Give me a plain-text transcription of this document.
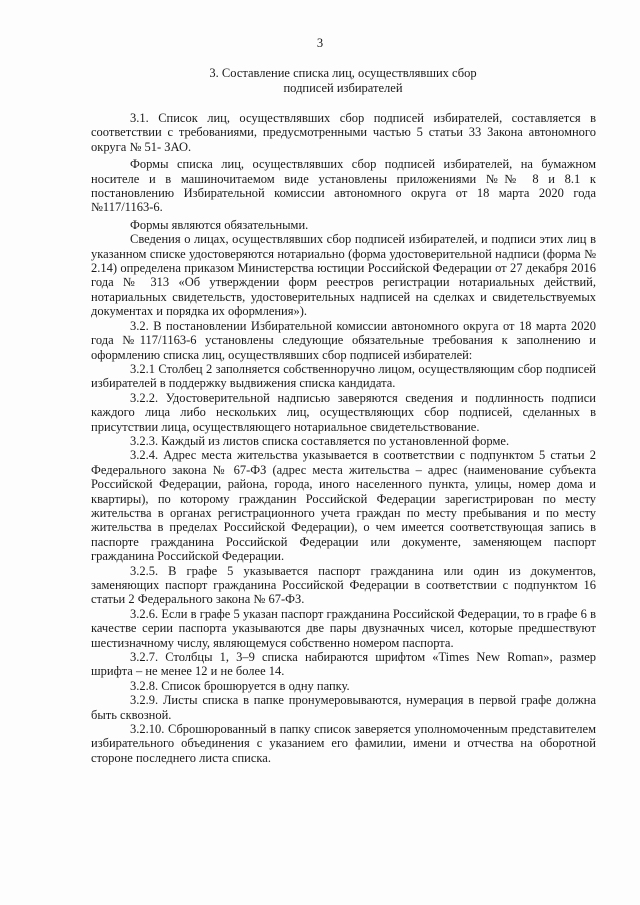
3
3. Составление списка лиц, осуществлявших сбор
подписей избирателей

3.1. Список лиц, осуществлявших сбор подписей избирателей, составляется в соответствии с требованиями, предусмотренными частью 5 статьи 33 Закона автономного округа № 51- ЗАО.

Формы списка лиц, осуществлявших сбор подписей избирателей, на бумажном носителе и в машиночитаемом виде установлены приложениями №№ 8 и 8.1 к постановлению Избирательной комиссии автономного округа от 18 марта 2020 года №117/1163-6.

Формы являются обязательными.

Сведения о лицах, осуществлявших сбор подписей избирателей, и подписи этих лиц в указанном списке удостоверяются нотариально (форма удостоверительной надписи (форма № 2.14) определена приказом Министерства юстиции Российской Федерации от 27 декабря 2016 года № 313 «Об утверждении форм реестров регистрации нотариальных действий, нотариальных свидетельств, удостоверительных надписей на сделках и свидетельствуемых документах и порядка их оформления»).

3.2. В постановлении Избирательной комиссии автономного округа от 18 марта 2020 года №117/1163-6 установлены следующие обязательные требования к заполнению и оформлению списка лиц, осуществлявших сбор подписей избирателей:

3.2.1 Столбец 2 заполняется собственноручно лицом, осуществляющим сбор подписей избирателей в поддержку выдвижения списка кандидата.

3.2.2. Удостоверительной надписью заверяются сведения и подлинность подписи каждого лица либо нескольких лиц, осуществляющих сбор подписей, сделанных в присутствии лица, осуществляющего нотариальное свидетельствование.

3.2.3. Каждый из листов списка составляется по установленной форме.

3.2.4. Адрес места жительства указывается в соответствии с подпунктом 5 статьи 2 Федерального закона № 67-ФЗ (адрес места жительства – адрес (наименование субъекта Российской Федерации, района, города, иного населенного пункта, улицы, номер дома и квартиры), по которому гражданин Российской Федерации зарегистрирован по месту жительства в органах регистрационного учета граждан по месту пребывания и по месту жительства в пределах Российской Федерации), о чем имеется соответствующая запись в паспорте гражданина Российской Федерации или документе, заменяющем паспорт гражданина Российской Федерации.

3.2.5. В графе 5 указывается паспорт гражданина или один из документов, заменяющих паспорт гражданина Российской Федерации в соответствии с подпунктом 16 статьи 2 Федерального закона № 67-ФЗ.

3.2.6. Если в графе 5 указан паспорт гражданина Российской Федерации, то в графе 6 в качестве серии паспорта указываются две пары двузначных чисел, которые предшествуют шестизначному числу, являющемуся собственно номером паспорта.

3.2.7. Столбцы 1, 3–9 списка набираются шрифтом «Times New Roman», размер шрифта – не менее 12 и не более 14.

3.2.8. Список брошюруется в одну папку.

3.2.9. Листы списка в папке пронумеровываются, нумерация в первой графе должна быть сквозной.

3.2.10. Сброшюрованный в папку список заверяется уполномоченным представителем избирательного объединения с указанием его фамилии, имени и отчества на оборотной стороне последнего листа списка.
